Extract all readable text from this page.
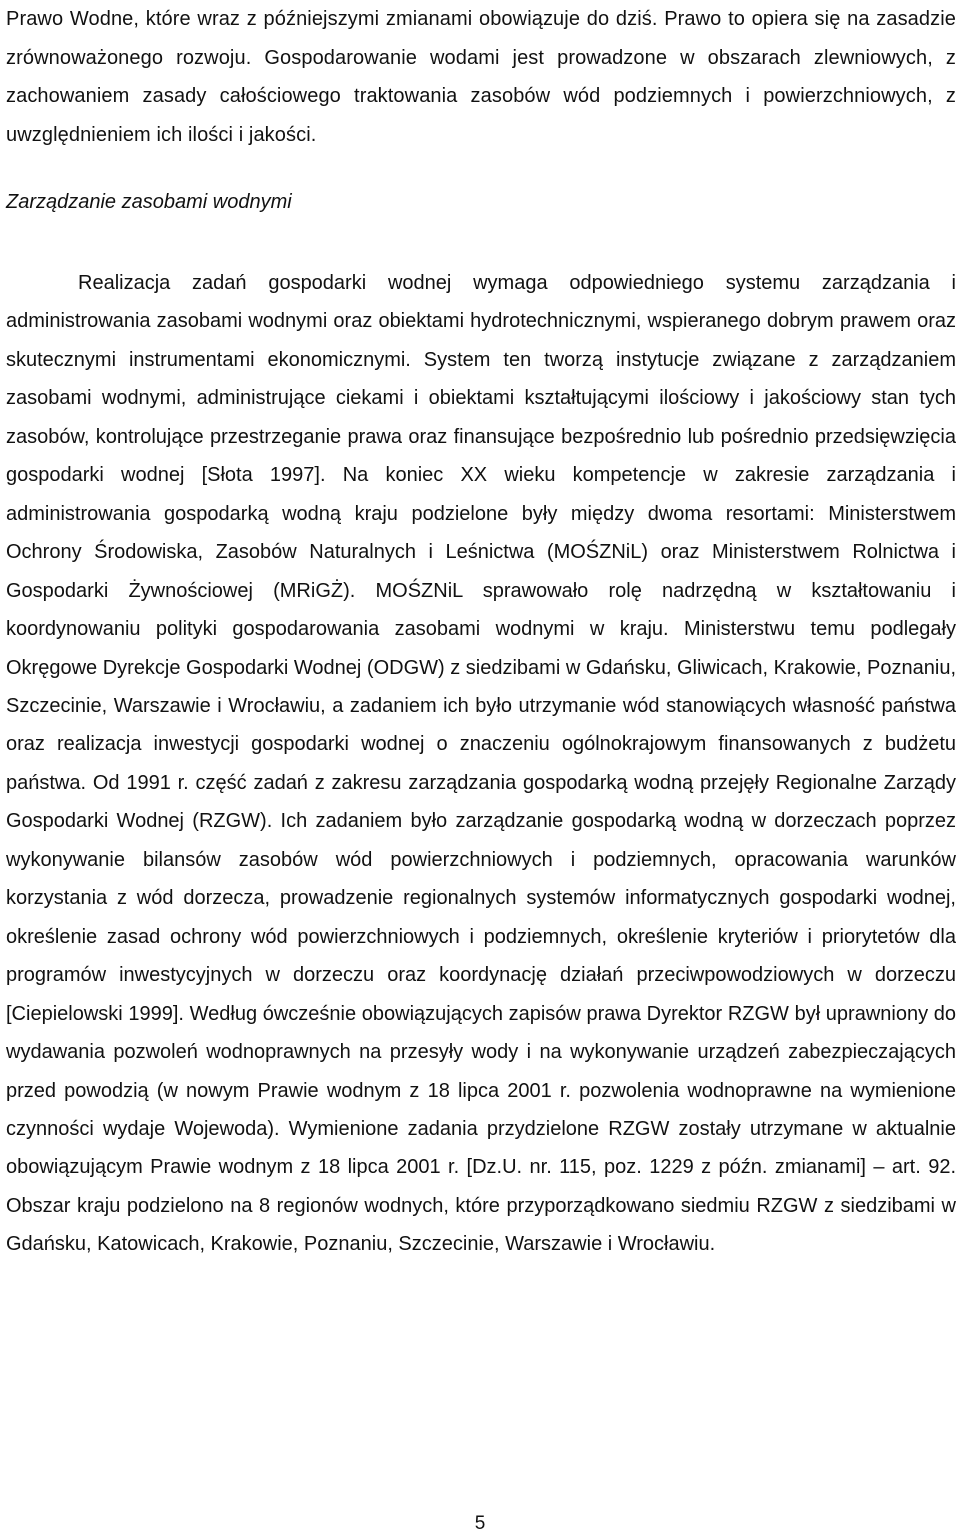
Prawo Wodne, które wraz z późniejszymi zmianami obowiązuje do dziś. Prawo to opiera się na zasadzie zrównoważonego rozwoju. Gospodarowanie wodami jest prowadzone w obszarach zlewniowych, z zachowaniem zasady całościowego traktowania zasobów wód podziemnych i powierzchniowych, z uwzględnieniem ich ilości i jakości.

Zarządzanie zasobami wodnymi

Realizacja zadań gospodarki wodnej wymaga odpowiedniego systemu zarządzania i administrowania zasobami wodnymi oraz obiektami hydrotechnicznymi, wspieranego dobrym prawem oraz skutecznymi instrumentami ekonomicznymi. System ten tworzą instytucje związane z zarządzaniem zasobami wodnymi, administrujące ciekami i obiektami kształtującymi ilościowy i jakościowy stan tych zasobów, kontrolujące przestrzeganie prawa oraz finansujące bezpośrednio lub pośrednio przedsięwzięcia gospodarki wodnej [Słota 1997]. Na koniec XX wieku kompetencje w zakresie zarządzania i administrowania gospodarką wodną kraju podzielone były między dwoma resortami: Ministerstwem Ochrony Środowiska, Zasobów Naturalnych i Leśnictwa (MOŚZNiL) oraz Ministerstwem Rolnictwa i Gospodarki Żywnościowej (MRiGŻ). MOŚZNiL sprawowało rolę nadrzędną w kształtowaniu i koordynowaniu polityki gospodarowania zasobami wodnymi w kraju. Ministerstwu temu podlegały Okręgowe Dyrekcje Gospodarki Wodnej (ODGW) z siedzibami w Gdańsku, Gliwicach, Krakowie, Poznaniu, Szczecinie, Warszawie i Wrocławiu, a zadaniem ich było utrzymanie wód stanowiących własność państwa oraz realizacja inwestycji gospodarki wodnej o znaczeniu ogólnokrajowym finansowanych z budżetu państwa. Od 1991 r. część zadań z zakresu zarządzania gospodarką wodną przejęły Regionalne Zarządy Gospodarki Wodnej (RZGW). Ich zadaniem było zarządzanie gospodarką wodną w dorzeczach poprzez wykonywanie bilansów zasobów wód powierzchniowych i podziemnych, opracowania warunków korzystania z wód dorzecza, prowadzenie regionalnych systemów informatycznych gospodarki wodnej, określenie zasad ochrony wód powierzchniowych i podziemnych, określenie kryteriów i priorytetów dla programów inwestycyjnych w dorzeczu oraz koordynację działań przeciwpowodziowych w dorzeczu [Ciepielowski 1999]. Według ówcześnie obowiązujących zapisów prawa Dyrektor RZGW był uprawniony do wydawania pozwoleń wodnoprawnych na przesyły wody i na wykonywanie urządzeń zabezpieczających przed powodzią (w nowym Prawie wodnym z 18 lipca 2001 r. pozwolenia wodnoprawne na wymienione czynności wydaje Wojewoda). Wymienione zadania przydzielone RZGW zostały utrzymane w aktualnie obowiązującym Prawie wodnym z 18 lipca 2001 r. [Dz.U. nr. 115, poz. 1229 z późn. zmianami] – art. 92. Obszar kraju podzielono na 8 regionów wodnych, które przyporządkowano siedmiu RZGW z siedzibami w Gdańsku, Katowicach, Krakowie, Poznaniu, Szczecinie, Warszawie i Wrocławiu.

5
